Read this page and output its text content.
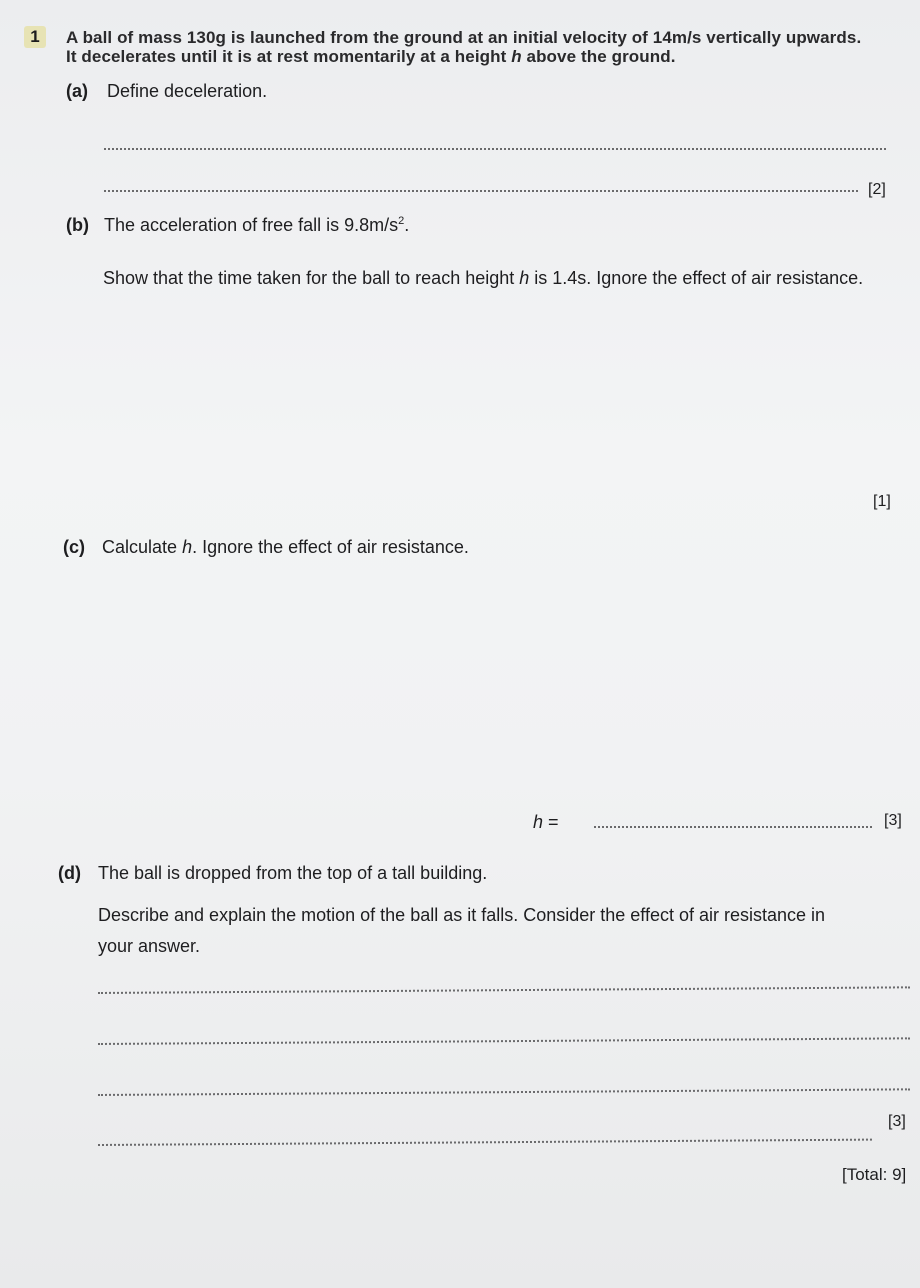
1	A ball of mass 130g is launched from the ground at an initial velocity of 14m/s vertically upwards.
It decelerates until it is at rest momentarily at a height h above the ground.
(a) Define deceleration.
[2]
(b) The acceleration of free fall is $9.8m/s^2$.
Show that the time taken for the ball to reach height h is 1.4s. Ignore the effect of air resistance.
[1]
(c) Calculate h. Ignore the effect of air resistance.
h =	[3]
(d) The ball is dropped from the top of a tall building.
Describe and explain the motion of the ball as it falls. Consider the effect of air resistance in
your answer.
[3]
[Total: 9]
